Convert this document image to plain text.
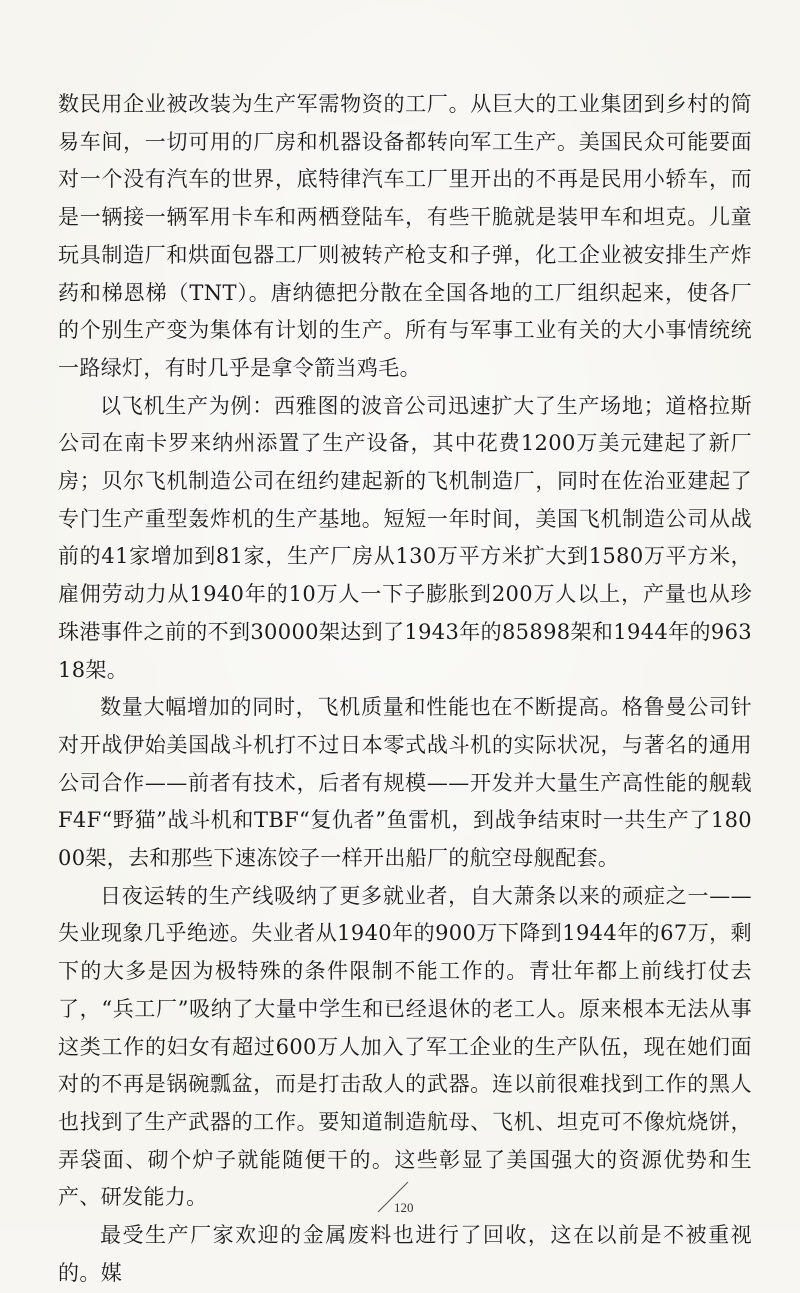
数民用企业被改装为生产军需物资的工厂。从巨大的工业集团到乡村的简易车间，一切可用的厂房和机器设备都转向军工生产。美国民众可能要面对一个没有汽车的世界，底特律汽车工厂里开出的不再是民用小轿车，而是一辆接一辆军用卡车和两栖登陆车，有些干脆就是装甲车和坦克。儿童玩具制造厂和烘面包器工厂则被转产枪支和子弹，化工企业被安排生产炸药和梯恩梯（TNT）。唐纳德把分散在全国各地的工厂组织起来，使各厂的个别生产变为集体有计划的生产。所有与军事工业有关的大小事情统统一路绿灯，有时几乎是拿令箭当鸡毛。

以飞机生产为例：西雅图的波音公司迅速扩大了生产场地；道格拉斯公司在南卡罗来纳州添置了生产设备，其中花费1200万美元建起了新厂房；贝尔飞机制造公司在纽约建起新的飞机制造厂，同时在佐治亚建起了专门生产重型轰炸机的生产基地。短短一年时间，美国飞机制造公司从战前的41家增加到81家，生产厂房从130万平方米扩大到1580万平方米，雇佣劳动力从1940年的10万人一下子膨胀到200万人以上，产量也从珍珠港事件之前的不到30000架达到了1943年的85898架和1944年的96318架。

数量大幅增加的同时，飞机质量和性能也在不断提高。格鲁曼公司针对开战伊始美国战斗机打不过日本零式战斗机的实际状况，与著名的通用公司合作——前者有技术，后者有规模——开发并大量生产高性能的舰载F4F“野猫”战斗机和TBF“复仇者”鱼雷机，到战争结束时一共生产了18000架，去和那些下速冻饺子一样开出船厂的航空母舰配套。

日夜运转的生产线吸纳了更多就业者，自大萧条以来的顽症之一——失业现象几乎绝迹。失业者从1940年的900万下降到1944年的67万，剩下的大多是因为极特殊的条件限制不能工作的。青壮年都上前线打仗去了，“兵工厂”吸纳了大量中学生和已经退休的老工人。原来根本无法从事这类工作的妇女有超过600万人加入了军工企业的生产队伍，现在她们面对的不再是锅碗瓢盆，而是打击敌人的武器。连以前很难找到工作的黑人也找到了生产武器的工作。要知道制造航母、飞机、坦克可不像炕烧饼，弄袋面、砌个炉子就能随便干的。这些彰显了美国强大的资源优势和生产、研发能力。

最受生产厂家欢迎的金属废料也进行了回收，这在以前是不被重视的。媒

120
